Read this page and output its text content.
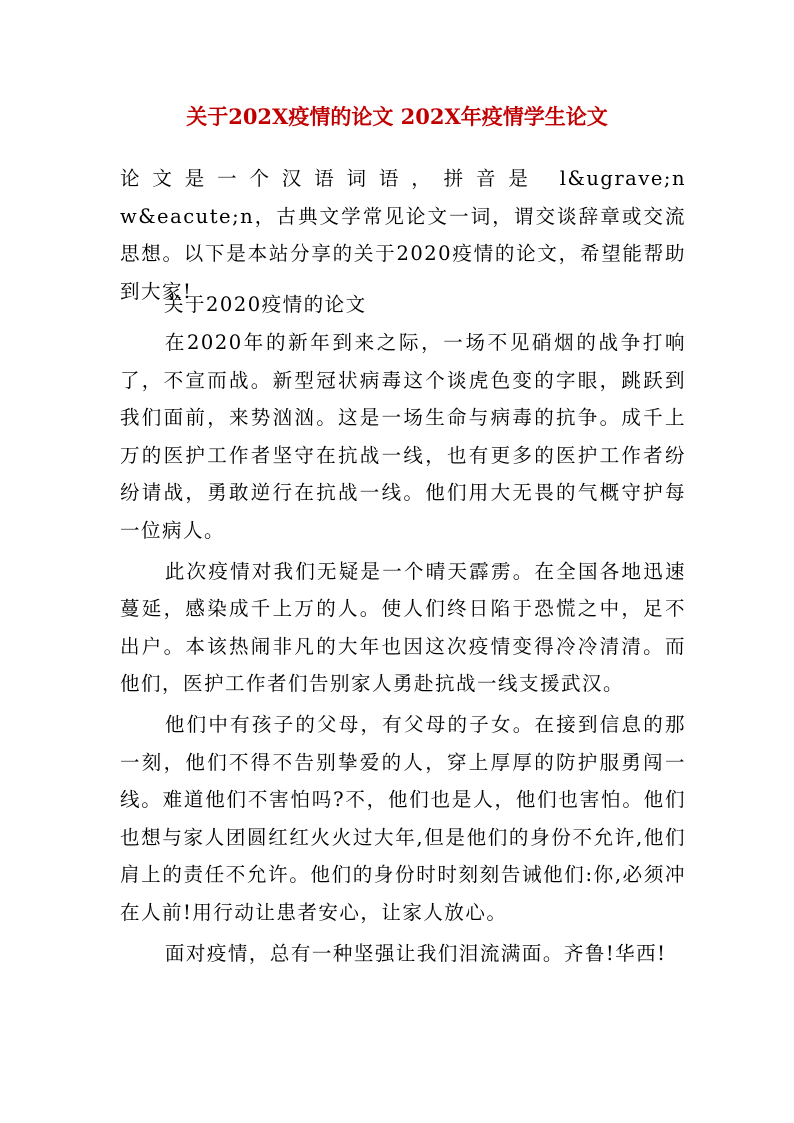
关于202X疫情的论文 202X年疫情学生论文

论文是一个汉语词语，拼音是 l&ugrave;n w&eacute;n，古典文学常见论文一词，谓交谈辞章或交流思想。以下是本站分享的关于2020疫情的论文，希望能帮助到大家!

关于2020疫情的论文

在2020年的新年到来之际，一场不见硝烟的战争打响了，不宣而战。新型冠状病毒这个谈虎色变的字眼，跳跃到我们面前，来势汹汹。这是一场生命与病毒的抗争。成千上万的医护工作者坚守在抗战一线，也有更多的医护工作者纷纷请战，勇敢逆行在抗战一线。他们用大无畏的气概守护每一位病人。

此次疫情对我们无疑是一个晴天霹雳。在全国各地迅速蔓延，感染成千上万的人。使人们终日陷于恐慌之中，足不出户。本该热闹非凡的大年也因这次疫情变得冷冷清清。而他们，医护工作者们告别家人勇赴抗战一线支援武汉。

他们中有孩子的父母，有父母的子女。在接到信息的那一刻，他们不得不告别挚爱的人，穿上厚厚的防护服勇闯一线。难道他们不害怕吗?不，他们也是人，他们也害怕。他们也想与家人团圆红红火火过大年,但是他们的身份不允许,他们肩上的责任不允许。他们的身份时时刻刻告诫他们:你,必须冲在人前!用行动让患者安心，让家人放心。

面对疫情，总有一种坚强让我们泪流满面。齐鲁!华西!
